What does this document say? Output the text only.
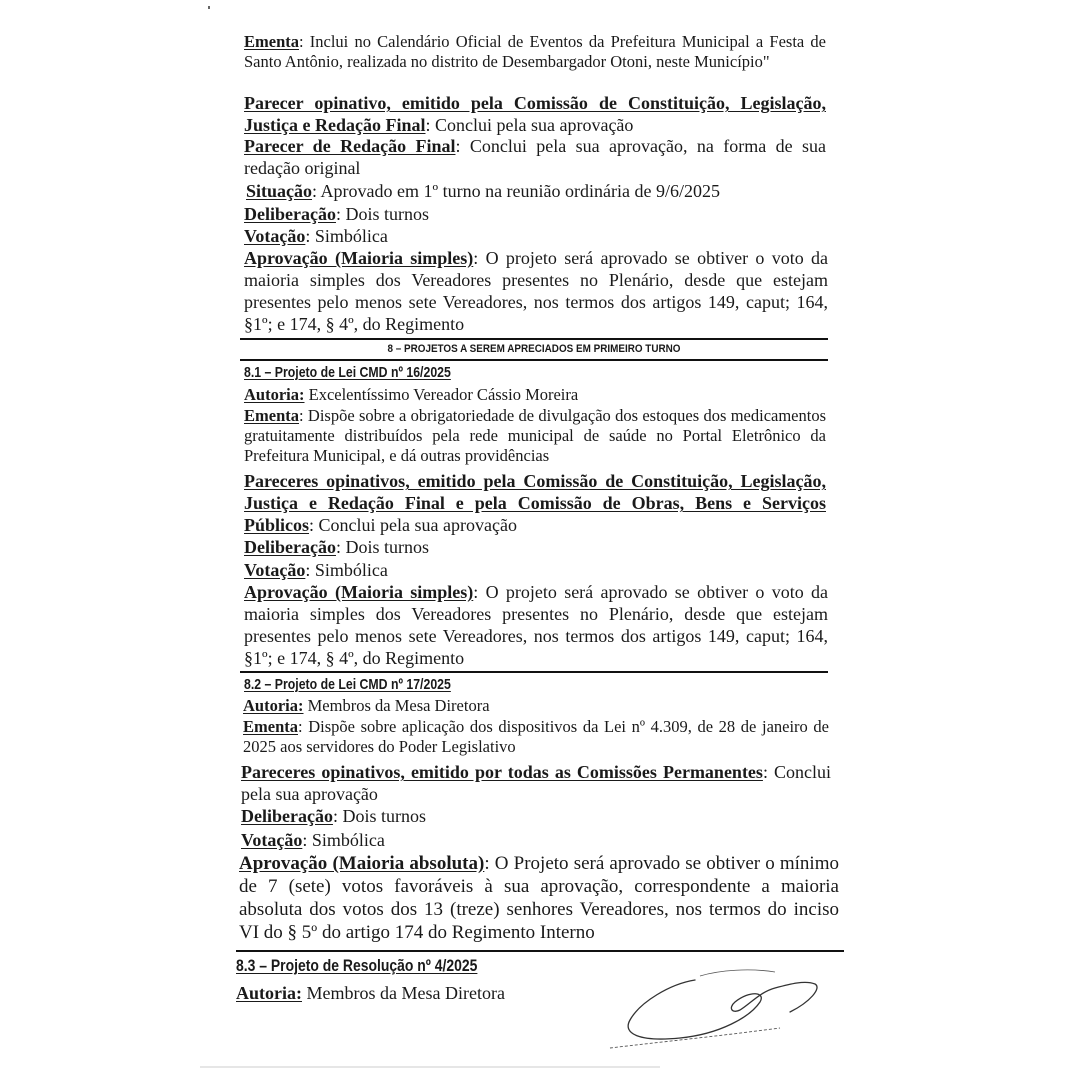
Ementa: Inclui no Calendário Oficial de Eventos da Prefeitura Municipal a Festa de Santo Antônio, realizada no distrito de Desembargador Otoni, neste Município"

Parecer opinativo, emitido pela Comissão de Constituição, Legislação, Justiça e Redação Final: Conclui pela sua aprovação

Parecer de Redação Final: Conclui pela sua aprovação, na forma de sua redação original

Situação: Aprovado em 1º turno na reunião ordinária de 9/6/2025

Deliberação: Dois turnos

Votação: Simbólica

Aprovação (Maioria simples): O projeto será aprovado se obtiver o voto da maioria simples dos Vereadores presentes no Plenário, desde que estejam presentes pelo menos sete Vereadores, nos termos dos artigos 149, caput; 164, §1º; e 174, § 4º, do Regimento

8 – PROJETOS A SEREM APRECIADOS EM PRIMEIRO TURNO

8.1 – Projeto de Lei CMD nº 16/2025

Autoria: Excelentíssimo Vereador Cássio Moreira

Ementa: Dispõe sobre a obrigatoriedade de divulgação dos estoques dos medicamentos gratuitamente distribuídos pela rede municipal de saúde no Portal Eletrônico da Prefeitura Municipal, e dá outras providências

Pareceres opinativos, emitido pela Comissão de Constituição, Legislação, Justiça e Redação Final e pela Comissão de Obras, Bens e Serviços Públicos: Conclui pela sua aprovação

Deliberação: Dois turnos

Votação: Simbólica

Aprovação (Maioria simples): O projeto será aprovado se obtiver o voto da maioria simples dos Vereadores presentes no Plenário, desde que estejam presentes pelo menos sete Vereadores, nos termos dos artigos 149, caput; 164, §1º; e 174, § 4º, do Regimento

8.2 – Projeto de Lei CMD nº 17/2025

Autoria: Membros da Mesa Diretora

Ementa: Dispõe sobre aplicação dos dispositivos da Lei nº 4.309, de 28 de janeiro de 2025 aos servidores do Poder Legislativo

Pareceres opinativos, emitido por todas as Comissões Permanentes: Conclui pela sua aprovação

Deliberação: Dois turnos

Votação: Simbólica

Aprovação (Maioria absoluta): O Projeto será aprovado se obtiver o mínimo de 7 (sete) votos favoráveis à sua aprovação, correspondente a maioria absoluta dos votos dos 13 (treze) senhores Vereadores, nos termos do inciso VI do § 5º do artigo 174 do Regimento Interno

8.3 – Projeto de Resolução nº 4/2025

Autoria: Membros da Mesa Diretora
